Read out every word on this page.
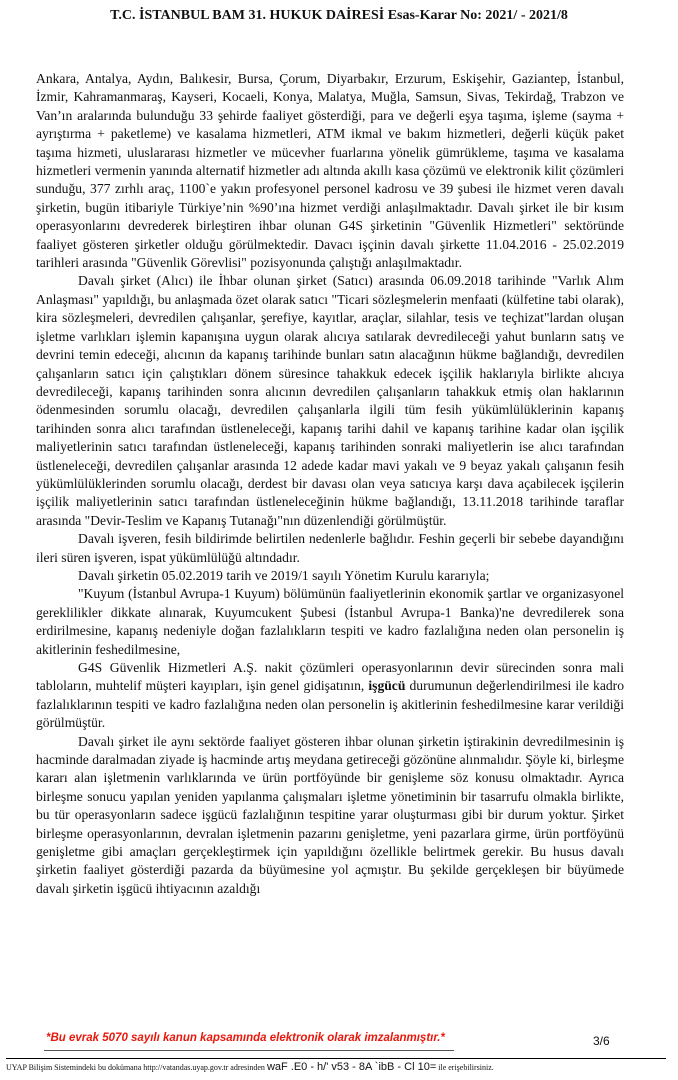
T.C. İSTANBUL BAM 31. HUKUK DAİRESİ Esas-Karar No: 2021/ - 2021/8

Ankara, Antalya, Aydın, Balıkesir, Bursa, Çorum, Diyarbakır, Erzurum, Eskişehir, Gaziantep, İstanbul, İzmir, Kahramanmaraş, Kayseri, Kocaeli, Konya, Malatya, Muğla, Samsun, Sivas, Tekirdağ, Trabzon ve Van’ın aralarında bulunduğu 33 şehirde faaliyet gösterdiği, para ve değerli eşya taşıma, işleme (sayma + ayrıştırma + paketleme) ve kasalama hizmetleri, ATM ikmal ve bakım hizmetleri, değerli küçük paket taşıma hizmeti, uluslararası hizmetler ve mücevher fuarlarına yönelik gümrükleme, taşıma ve kasalama hizmetleri vermenin yanında alternatif hizmetler adı altında akıllı kasa çözümü ve elektronik kilit çözümleri sunduğu, 377 zırhlı araç, 1100`e yakın profesyonel personel kadrosu ve 39 şubesi ile hizmet veren davalı şirketin, bugün itibariyle Türkiye’nin %90’ına hizmet verdiği anlaşılmaktadır. Davalı şirket ile bir kısım operasyonlarını devrederek birleştiren ihbar olunan G4S şirketinin "Güvenlik Hizmetleri" sektöründe faaliyet gösteren şirketler olduğu görülmektedir. Davacı işçinin davalı şirkette 11.04.2016 - 25.02.2019 tarihleri arasında "Güvenlik Görevlisi" pozisyonunda çalıştığı anlaşılmaktadır.

Davalı şirket (Alıcı) ile İhbar olunan şirket (Satıcı) arasında 06.09.2018 tarihinde "Varlık Alım Anlaşması" yapıldığı, bu anlaşmada özet olarak satıcı "Ticari sözleşmelerin menfaati (külfetine tabi olarak), kira sözleşmeleri, devredilen çalışanlar, şerefiye, kayıtlar, araçlar, silahlar, tesis ve teçhizat"lardan oluşan işletme varlıkları işlemin kapanışına uygun olarak alıcıya satılarak devredileceği yahut bunların satış ve devrini temin edeceği, alıcının da kapanış tarihinde bunları satın alacağının hükme bağlandığı, devredilen çalışanların satıcı için çalıştıkları dönem süresince tahakkuk edecek işçilik haklarıyla birlikte alıcıya devredileceği, kapanış tarihinden sonra alıcının devredilen çalışanların tahakkuk etmiş olan haklarının ödenmesinden sorumlu olacağı, devredilen çalışanlarla ilgili tüm fesih yükümlülüklerinin kapanış tarihinden sonra alıcı tarafından üstleneleceği, kapanış tarihi dahil ve kapanış tarihine kadar olan işçilik maliyetlerinin satıcı tarafından üstleneleceği, kapanış tarihinden sonraki maliyetlerin ise alıcı tarafından üstleneleceği, devredilen çalışanlar arasında 12 adede kadar mavi yakalı ve 9 beyaz yakalı çalışanın fesih yükümlülüklerinden sorumlu olacağı, derdest bir davası olan veya satıcıya karşı dava açabilecek işçilerin işçilik maliyetlerinin satıcı tarafından üstleneleceğinin hükme bağlandığı, 13.11.2018 tarihinde taraflar arasında "Devir-Teslim ve Kapanış Tutanağı"nın düzenlendiği görülmüştür.

Davalı işveren, fesih bildirimde belirtilen nedenlerle bağlıdır. Feshin geçerli bir sebebe dayandığını ileri süren işveren, ispat yükümlülüğü altındadır.

Davalı şirketin 05.02.2019 tarih ve 2019/1 sayılı Yönetim Kurulu kararıyla;

"Kuyum (İstanbul Avrupa-1 Kuyum) bölümünün faaliyetlerinin ekonomik şartlar ve organizasyonel gereklilikler dikkate alınarak, Kuyumcukent Şubesi (İstanbul Avrupa-1 Banka)'ne devredilerek sona erdirilmesine, kapanış nedeniyle doğan fazlalıkların tespiti ve kadro fazlalığına neden olan personelin iş akitlerinin feshedilmesine,

G4S Güvenlik Hizmetleri A.Ş. nakit çözümleri operasyonlarının devir sürecinden sonra mali tabloların, muhtelif müşteri kayıpları, işin genel gidişatının, işgücü durumunun değerlendirilmesi ile kadro fazlalıklarının tespiti ve kadro fazlalığına neden olan personelin iş akitlerinin feshedilmesine karar verildiği görülmüştür.

Davalı şirket ile aynı sektörde faaliyet gösteren ihbar olunan şirketin iştirakinin devredilmesinin iş hacminde daralmadan ziyade iş hacminde artış meydana getireceği gözönüne alınmalıdır. Şöyle ki, birleşme kararı alan işletmenin varlıklarında ve ürün portföyünde bir genişleme söz konusu olmaktadır. Ayrıca birleşme sonucu yapılan yeniden yapılanma çalışmaları işletme yönetiminin bir tasarrufu olmakla birlikte, bu tür operasyonların sadece işgücü fazlalığının tespitine yarar oluşturması gibi bir durum yoktur. Şirket birleşme operasyonlarının, devralan işletmenin pazarını genişletme, yeni pazarlara girme, ürün portföyünü genişletme gibi amaçları gerçekleştirmek için yapıldığını özellikle belirtmek gerekir. Bu husus davalı şirketin faaliyet gösterdiği pazarda da büyümesine yol açmıştır. Bu şekilde gerçekleşen bir büyümede davalı şirketin işgücü ihtiyacının azaldığı

*Bu evrak 5070 sayılı kanun kapsamında elektronik olarak imzalanmıştır.*	3/6
UYAP Bilişim Sistemindeki bu dokümana http://vatandas.uyap.gov.tr adresinden waF .E0 - h/' v53 - 8A `ibB - Cl 10= ile erişebilirsiniz.
